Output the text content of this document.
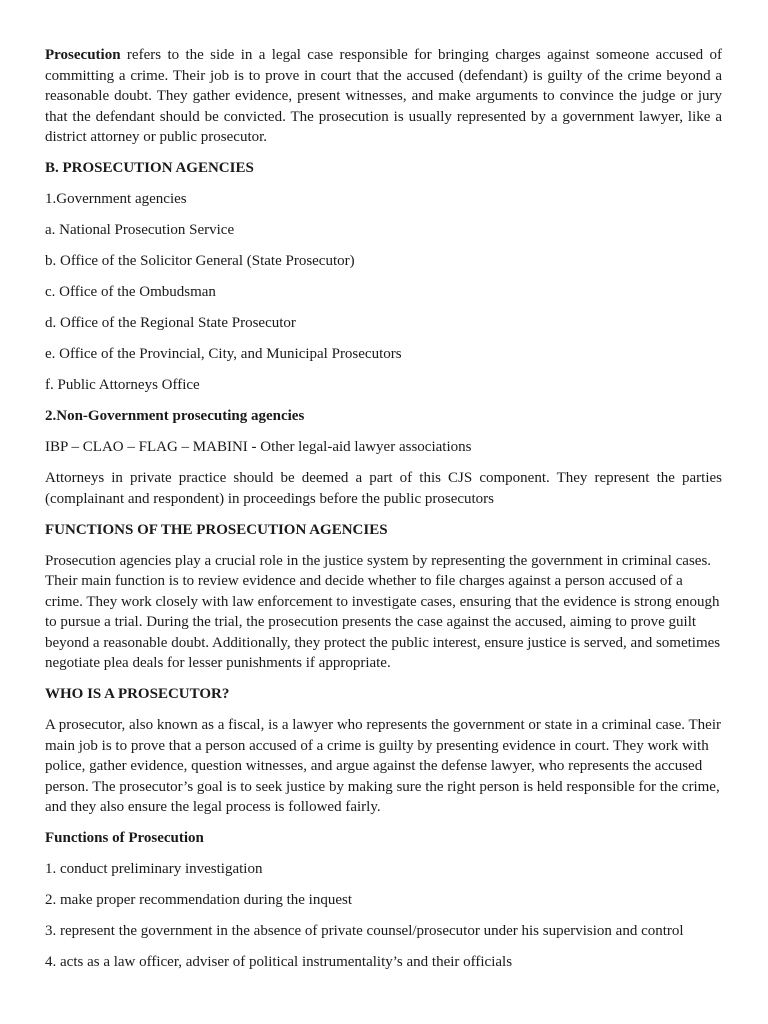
Prosecution refers to the side in a legal case responsible for bringing charges against someone accused of committing a crime. Their job is to prove in court that the accused (defendant) is guilty of the crime beyond a reasonable doubt. They gather evidence, present witnesses, and make arguments to convince the judge or jury that the defendant should be convicted. The prosecution is usually represented by a government lawyer, like a district attorney or public prosecutor.

B. PROSECUTION AGENCIES

1.Government agencies

a. National Prosecution Service

b. Office of the Solicitor General (State Prosecutor)

c. Office of the Ombudsman

d. Office of the Regional State Prosecutor

e. Office of the Provincial, City, and Municipal Prosecutors

f. Public Attorneys Office

2.Non-Government prosecuting agencies

IBP – CLAO – FLAG – MABINI - Other legal-aid lawyer associations

Attorneys in private practice should be deemed a part of this CJS component. They represent the parties (complainant and respondent) in proceedings before the public prosecutors

FUNCTIONS OF THE PROSECUTION AGENCIES

Prosecution agencies play a crucial role in the justice system by representing the government in criminal cases. Their main function is to review evidence and decide whether to file charges against a person accused of a crime. They work closely with law enforcement to investigate cases, ensuring that the evidence is strong enough to pursue a trial. During the trial, the prosecution presents the case against the accused, aiming to prove guilt beyond a reasonable doubt. Additionally, they protect the public interest, ensure justice is served, and sometimes negotiate plea deals for lesser punishments if appropriate.

WHO IS A PROSECUTOR?

A prosecutor, also known as a fiscal, is a lawyer who represents the government or state in a criminal case. Their main job is to prove that a person accused of a crime is guilty by presenting evidence in court. They work with police, gather evidence, question witnesses, and argue against the defense lawyer, who represents the accused person. The prosecutor’s goal is to seek justice by making sure the right person is held responsible for the crime, and they also ensure the legal process is followed fairly.

Functions of Prosecution

1. conduct preliminary investigation

2. make proper recommendation during the inquest

3. represent the government in the absence of private counsel/prosecutor under his supervision and control

4. acts as a law officer, adviser of political instrumentality’s and their officials
